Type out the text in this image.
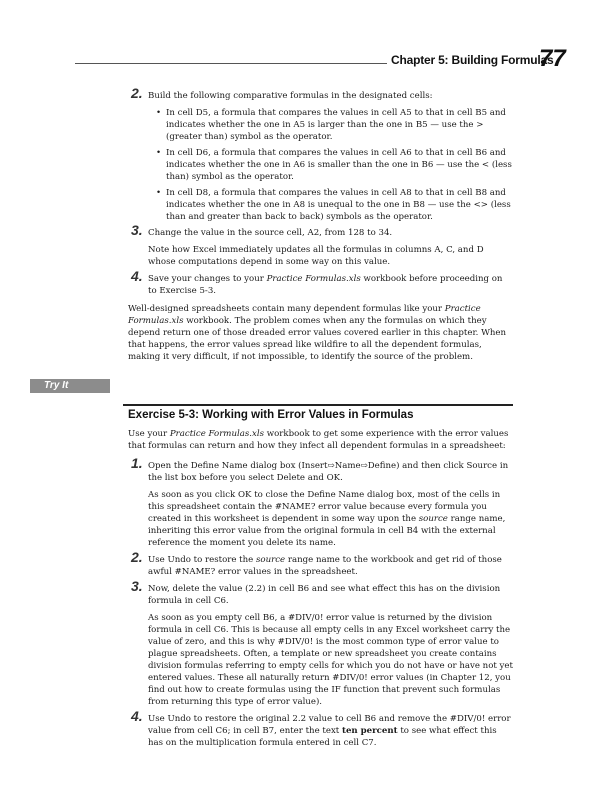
Chapter 5: Building Formulas
77
2. Build the following comparative formulas in the designated cells:

• In cell D5, a formula that compares the values in cell A5 to that in cell B5 and indicates whether the one in A5 is larger than the one in B5 — use the > (greater than) symbol as the operator.
• In cell D6, a formula that compares the values in cell A6 to that in cell B6 and indicates whether the one in A6 is smaller than the one in B6 — use the < (less than) symbol as the operator.
• In cell D8, a formula that compares the values in cell A8 to that in cell B8 and indicates whether the one in A8 is unequal to the one in B8 — use the <> (less than and greater than back to back) symbols as the operator.
3. Change the value in the source cell, A2, from 128 to 34.

Note how Excel immediately updates all the formulas in columns A, C, and D whose computations depend in some way on this value.

4. Save your changes to your Practice Formulas.xls workbook before proceeding on to Exercise 5-3.

Well-designed spreadsheets contain many dependent formulas like your Practice Formulas.xls workbook. The problem comes when any the formulas on which they depend return one of those dreaded error values covered earlier in this chapter. When that happens, the error values spread like wildfire to all the dependent formulas, making it very difficult, if not impossible, to identify the source of the problem.

Try It
Exercise 5-3: Working with Error Values in Formulas

Use your Practice Formulas.xls workbook to get some experience with the error values that formulas can return and how they infect all dependent formulas in a spreadsheet:

1. Open the Define Name dialog box (Insert⇨Name⇨Define) and then click Source in the list box before you select Delete and OK.

As soon as you click OK to close the Define Name dialog box, most of the cells in this spreadsheet contain the #NAME? error value because every formula you created in this worksheet is dependent in some way upon the source range name, inheriting this error value from the original formula in cell B4 with the external reference the moment you delete its name.

2. Use Undo to restore the source range name to the workbook and get rid of those awful #NAME? error values in the spreadsheet.

3. Now, delete the value (2.2) in cell B6 and see what effect this has on the division formula in cell C6.

As soon as you empty cell B6, a #DIV/0! error value is returned by the division formula in cell C6. This is because all empty cells in any Excel worksheet carry the value of zero, and this is why #DIV/0! is the most common type of error value to plague spreadsheets. Often, a template or new spreadsheet you create contains division formulas referring to empty cells for which you do not have or have not yet entered values. These all naturally return #DIV/0! error values (in Chapter 12, you find out how to create formulas using the IF function that prevent such formulas from returning this type of error value).

4. Use Undo to restore the original 2.2 value to cell B6 and remove the #DIV/0! error value from cell C6; in cell B7, enter the text ten percent to see what effect this has on the multiplication formula entered in cell C7.
